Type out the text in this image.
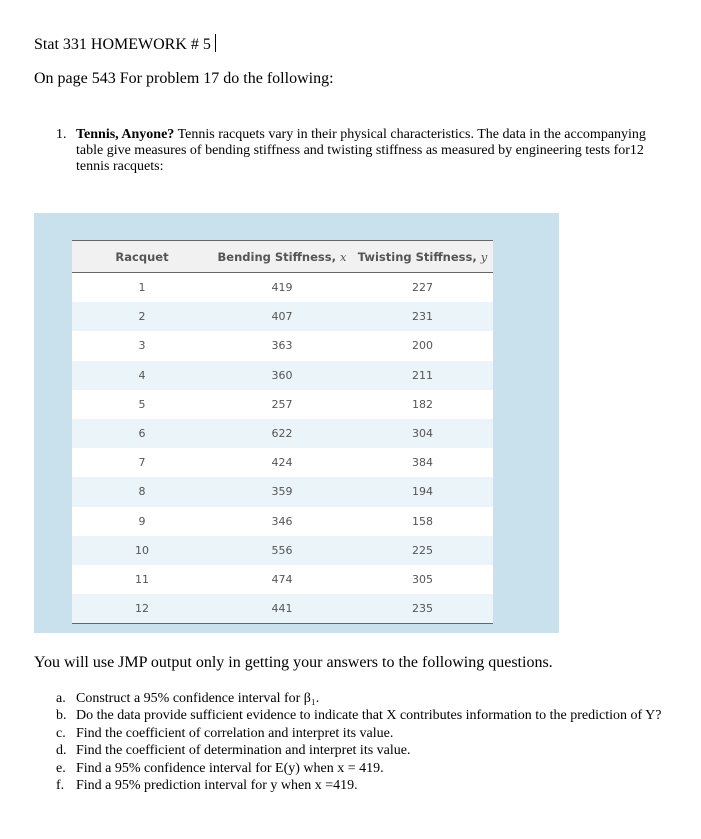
Stat 331 HOMEWORK # 5
On page 543 For problem 17 do the following:
1. Tennis, Anyone? Tennis racquets vary in their physical characteristics. The data in the accompanying table give measures of bending stiffness and twisting stiffness as measured by engineering tests for12 tennis racquets:
Racquet	Bending Stiffness, x	Twisting Stiffness, y
1	419	227
2	407	231
3	363	200
4	360	211
5	257	182
6	622	304
7	424	384
8	359	194
9	346	158
10	556	225
11	474	305
12	441	235
You will use JMP output only in getting your answers to the following questions.
a. Construct a 95% confidence interval for β₁.
b. Do the data provide sufficient evidence to indicate that X contributes information to the prediction of Y?
c. Find the coefficient of correlation and interpret its value.
d. Find the coefficient of determination and interpret its value.
e. Find a 95% confidence interval for E(y) when x = 419.
f. Find a 95% prediction interval for y when x =419.
